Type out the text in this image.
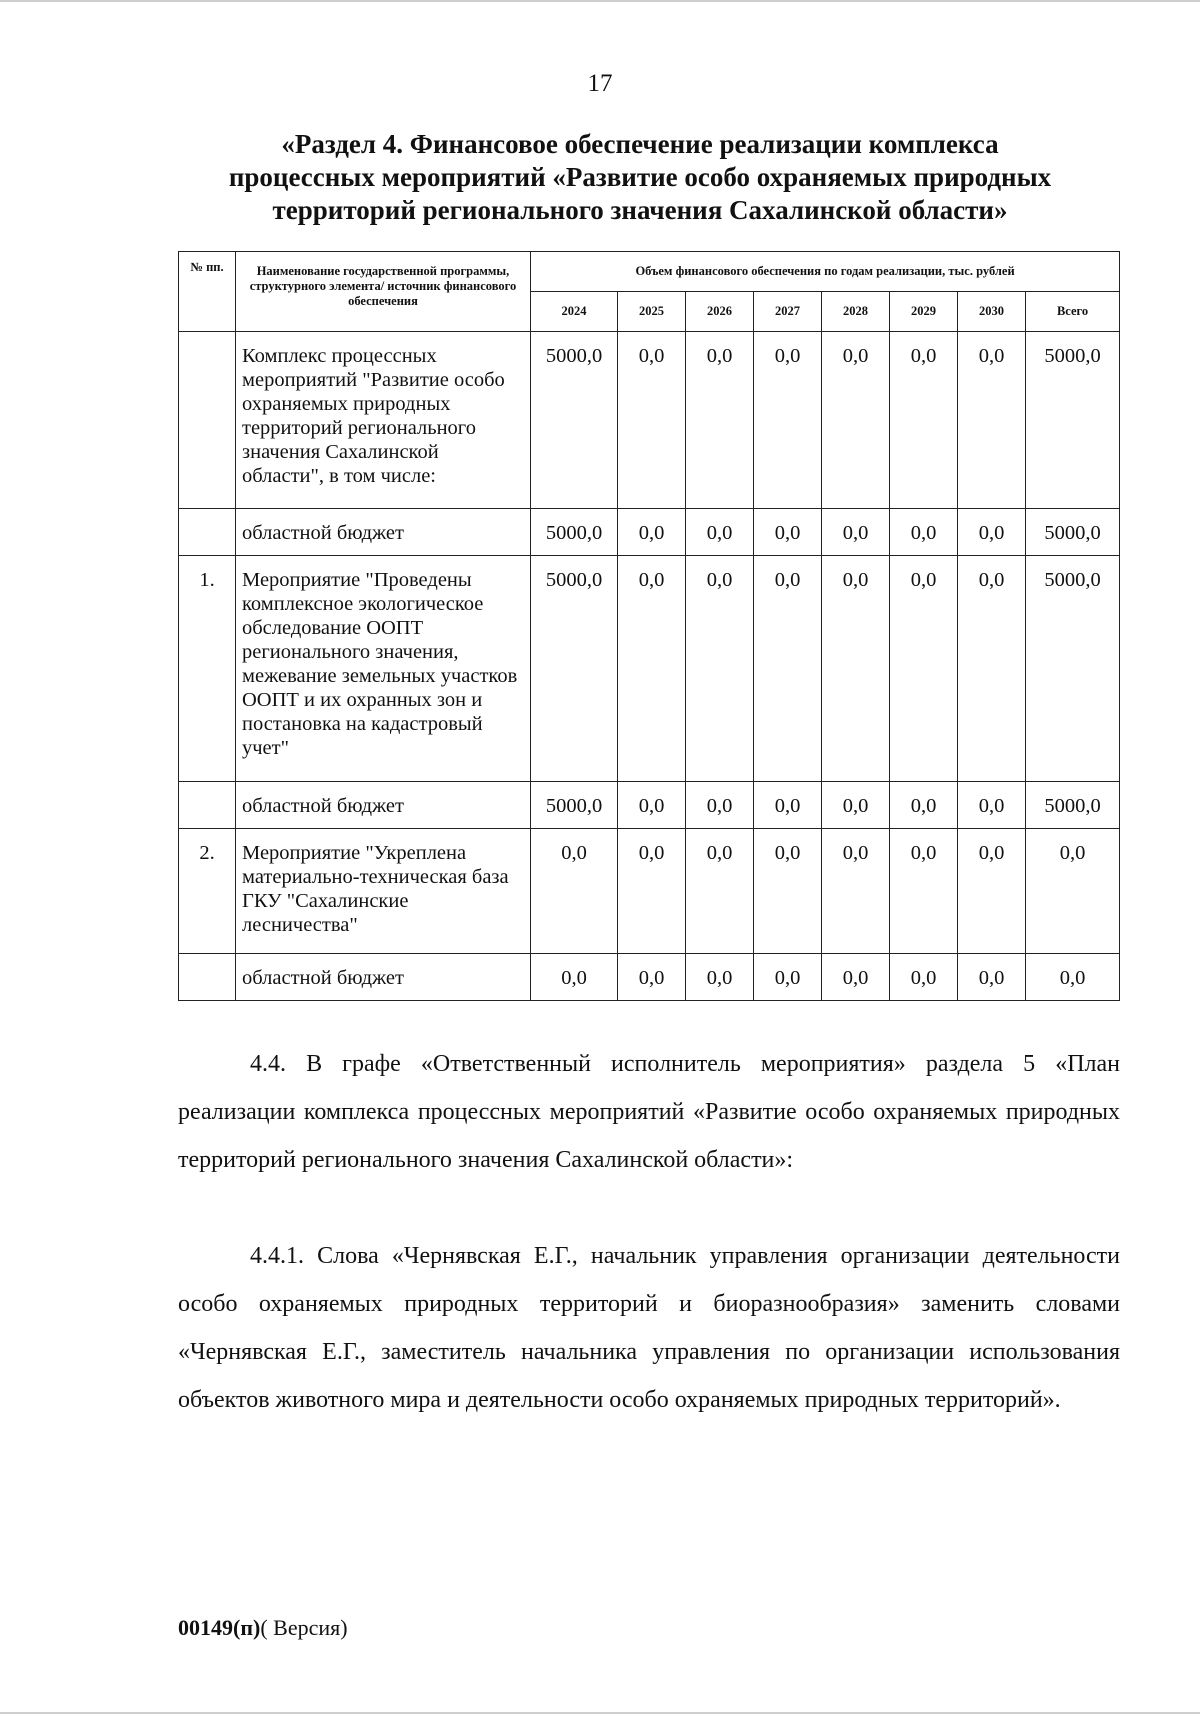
17
«Раздел 4. Финансовое обеспечение реализации комплекса
процессных мероприятий «Развитие особо охраняемых природных
территорий регионального значения Сахалинской области»
№ пп.	Наименование государственной программы, структурного элемента/ источник финансового обеспечения	Объем финансового обеспечения по годам реализации, тыс. рублей							
		2024	2025	2026	2027	2028	2029	2030	Всего
	Комплекс процессных мероприятий "Развитие особо охраняемых природных территорий регионального значения Сахалинской области", в том числе:	5000,0	0,0	0,0	0,0	0,0	0,0	0,0	5000,0
	областной бюджет	5000,0	0,0	0,0	0,0	0,0	0,0	0,0	5000,0
1.	Мероприятие "Проведены комплексное экологическое обследование ООПТ регионального значения, межевание земельных участков ООПТ и их охранных зон и постановка на кадастровый учет"	5000,0	0,0	0,0	0,0	0,0	0,0	0,0	5000,0
	областной бюджет	5000,0	0,0	0,0	0,0	0,0	0,0	0,0	5000,0
2.	Мероприятие "Укреплена материально-техническая база ГКУ "Сахалинские лесничества"	0,0	0,0	0,0	0,0	0,0	0,0	0,0	0,0
	областной бюджет	0,0	0,0	0,0	0,0	0,0	0,0	0,0	0,0
4.4. В графе «Ответственный исполнитель мероприятия» раздела 5 «План реализации комплекса процессных мероприятий «Развитие особо охраняемых природных территорий регионального значения Сахалинской области»:
4.4.1. Слова «Чернявская Е.Г., начальник управления организации деятельности особо охраняемых природных территорий и биоразнообразия» заменить словами «Чернявская Е.Г., заместитель начальника управления по организации использования объектов животного мира и деятельности особо охраняемых природных территорий».
00149(п)( Версия)
